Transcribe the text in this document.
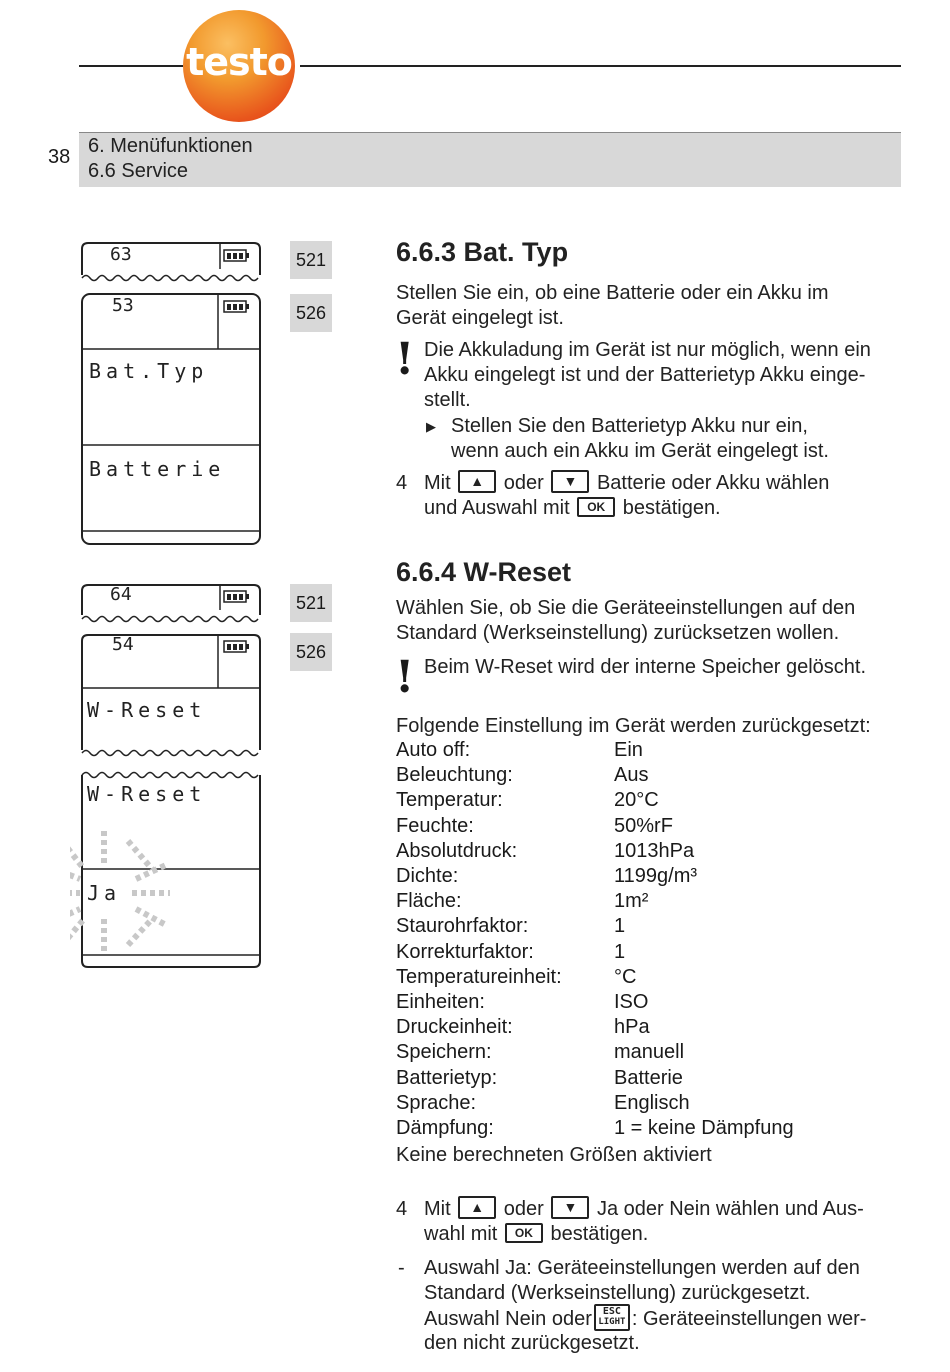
testo
38 6. Menüfunktionen
6.6 Service
63
53
Bat.Typ
Batterie
521
526
64
54
W-Reset
521
526
W-Reset
Ja
6.6.3 Bat. Typ
Stellen Sie ein, ob eine Batterie oder ein Akku im
Gerät eingelegt ist.
! Die Akkuladung im Gerät ist nur möglich, wenn ein
Akku eingelegt ist und der Batterietyp Akku einge-
stellt.
▶ Stellen Sie den Batterietyp Akku nur ein,
wenn auch ein Akku im Gerät eingelegt ist.
4 Mit ▲ oder ▼ Batterie oder Akku wählen
und Auswahl mit OK bestätigen.
6.6.4 W-Reset
Wählen Sie, ob Sie die Geräteeinstellungen auf den
Standard (Werkseinstellung) zurücksetzen wollen.
! Beim W-Reset wird der interne Speicher gelöscht.
Folgende Einstellung im Gerät werden zurückgesetzt:
Auto off:	Ein
Beleuchtung:	Aus
Temperatur:	20°C
Feuchte:	50%rF
Absolutdruck:	1013hPa
Dichte:	1199g/m³
Fläche:	1m²
Staurohrfaktor:	1
Korrekturfaktor:	1
Temperatureinheit:	°C
Einheiten:	ISO
Druckeinheit:	hPa
Speichern:	manuell
Batterietyp:	Batterie
Sprache:	Englisch
Dämpfung:	1 = keine Dämpfung
Keine berechneten Größen aktiviert
4 Mit ▲ oder ▼ Ja oder Nein wählen und Aus-
wahl mit OK bestätigen.
- Auswahl Ja: Geräteeinstellungen werden auf den
Standard (Werkseinstellung) zurückgesetzt.
Auswahl Nein oder ESC
LIGHT : Geräteeinstellungen wer-
den nicht zurückgesetzt.
